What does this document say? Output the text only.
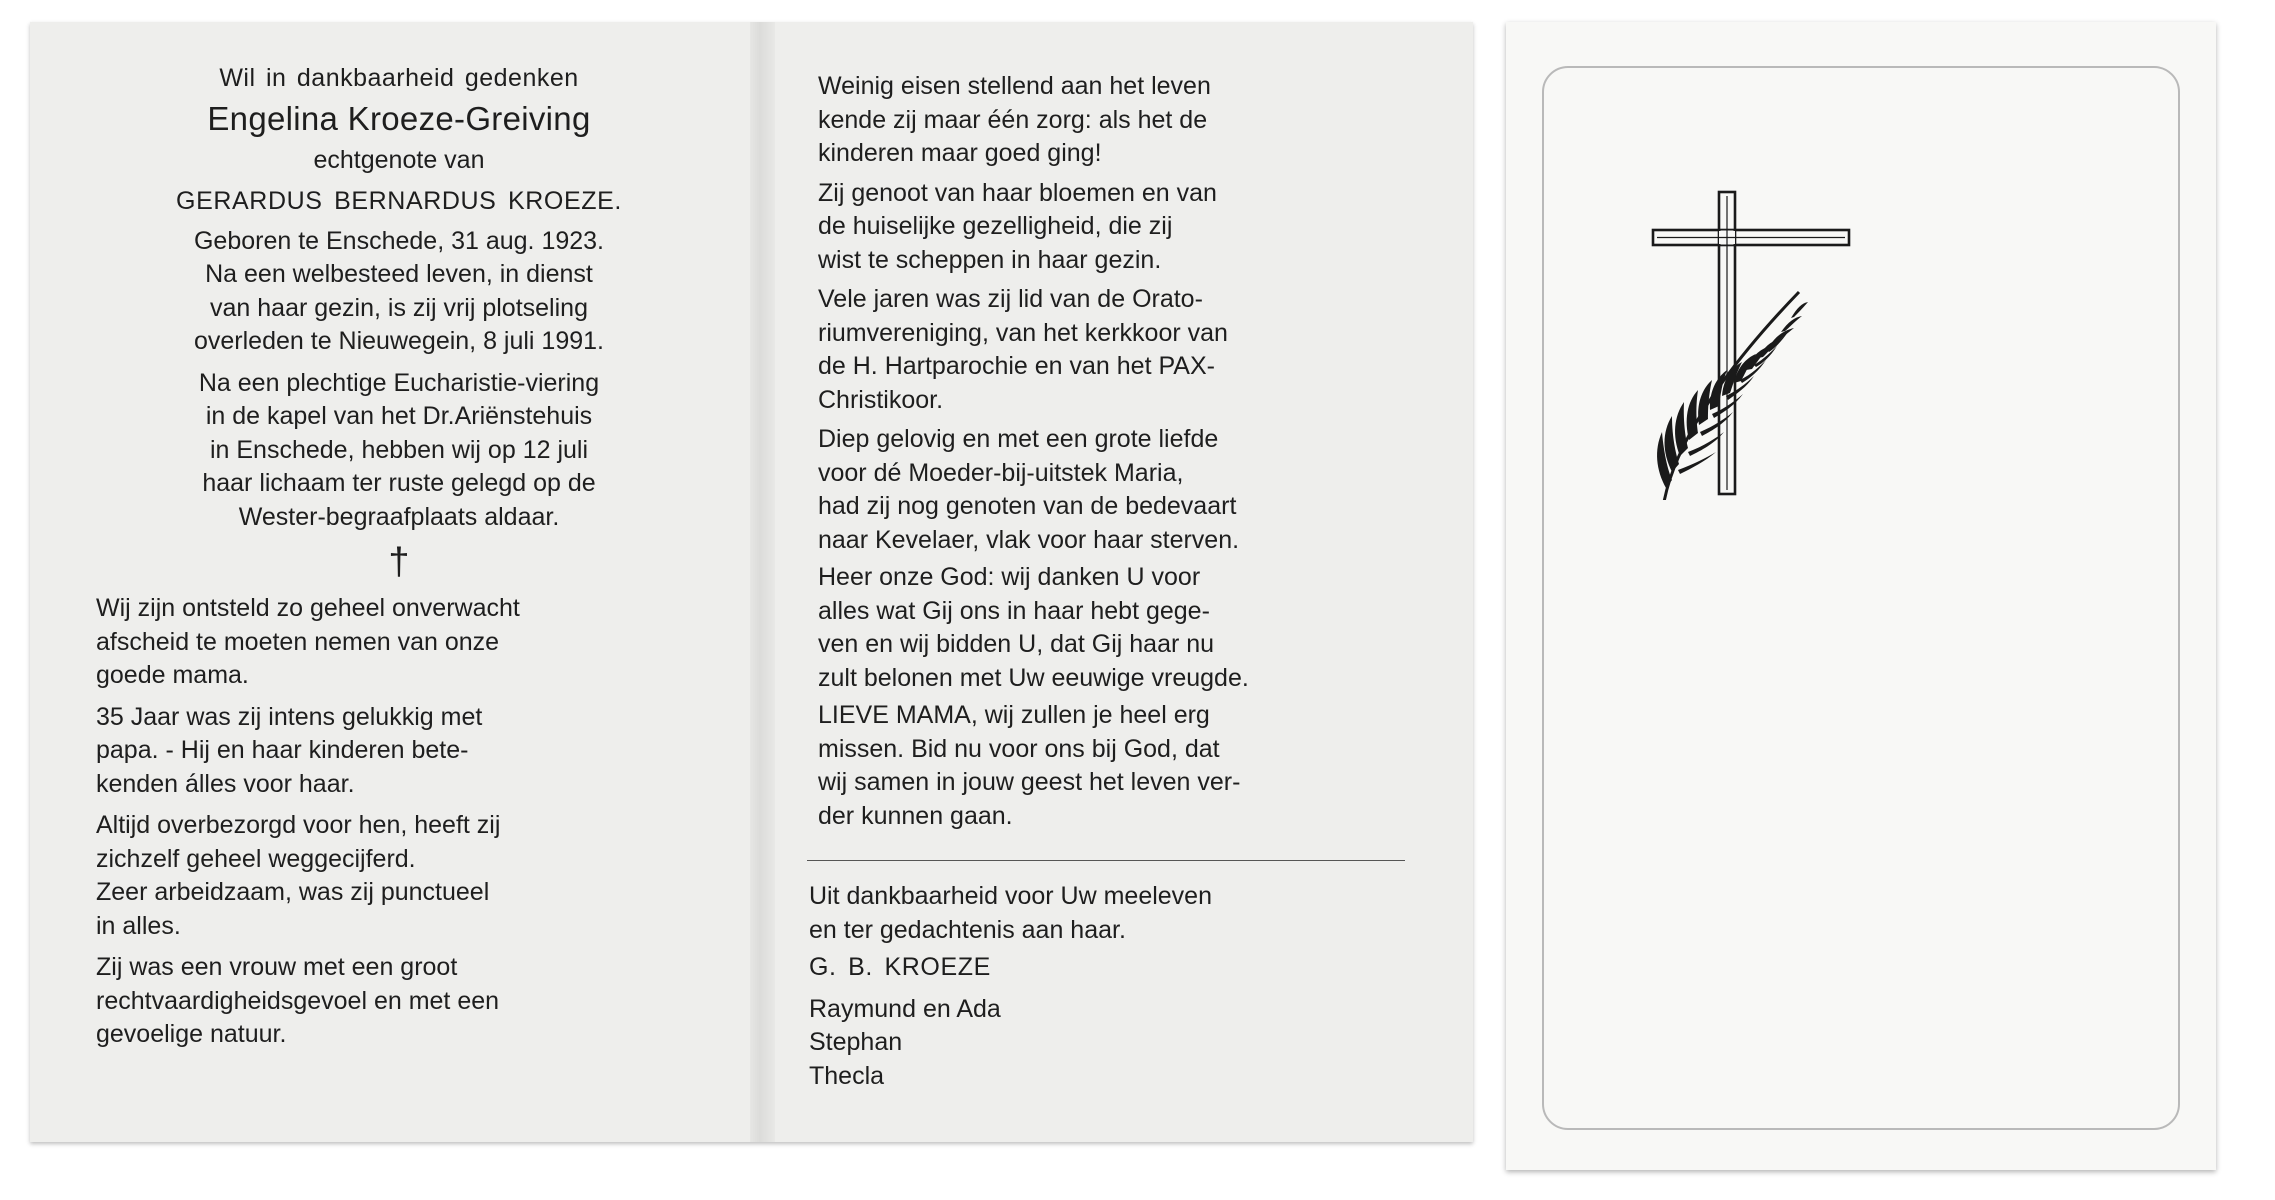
Wil in dankbaarheid gedenken
Engelina Kroeze-Greiving
echtgenote van
GERARDUS BERNARDUS KROEZE.
Geboren te Enschede, 31 aug. 1923.
Na een welbesteed leven, in dienst
van haar gezin, is zij vrij plotseling
overleden te Nieuwegein, 8 juli 1991.
Na een plechtige Eucharistie-viering
in de kapel van het Dr.Ariënstehuis
in Enschede, hebben wij op 12 juli
haar lichaam ter ruste gelegd op de
Wester-begraafplaats aldaar.
†
Wij zijn ontsteld zo geheel onverwacht
afscheid te moeten nemen van onze
goede mama.
35 Jaar was zij intens gelukkig met
papa. - Hij en haar kinderen bete-
kenden álles voor haar.
Altijd overbezorgd voor hen, heeft zij
zichzelf geheel weggecijferd.
Zeer arbeidzaam, was zij punctueel
in alles.
Zij was een vrouw met een groot
rechtvaardigheidsgevoel en met een
gevoelige natuur.
Weinig eisen stellend aan het leven
kende zij maar één zorg: als het de
kinderen maar goed ging!
Zij genoot van haar bloemen en van
de huiselijke gezelligheid, die zij
wist te scheppen in haar gezin.
Vele jaren was zij lid van de Orato-
riumvereniging, van het kerkkoor van
de H. Hartparochie en van het PAX-
Christikoor.
Diep gelovig en met een grote liefde
voor dé Moeder-bij-uitstek Maria,
had zij nog genoten van de bedevaart
naar Kevelaer, vlak voor haar sterven.
Heer onze God: wij danken U voor
alles wat Gij ons in haar hebt gege-
ven en wij bidden U, dat Gij haar nu
zult belonen met Uw eeuwige vreugde.
LIEVE MAMA, wij zullen je heel erg
missen. Bid nu voor ons bij God, dat
wij samen in jouw geest het leven ver-
der kunnen gaan.
Uit dankbaarheid voor Uw meeleven
en ter gedachtenis aan haar.
G. B. KROEZE
Raymund en Ada
Stephan
Thecla
